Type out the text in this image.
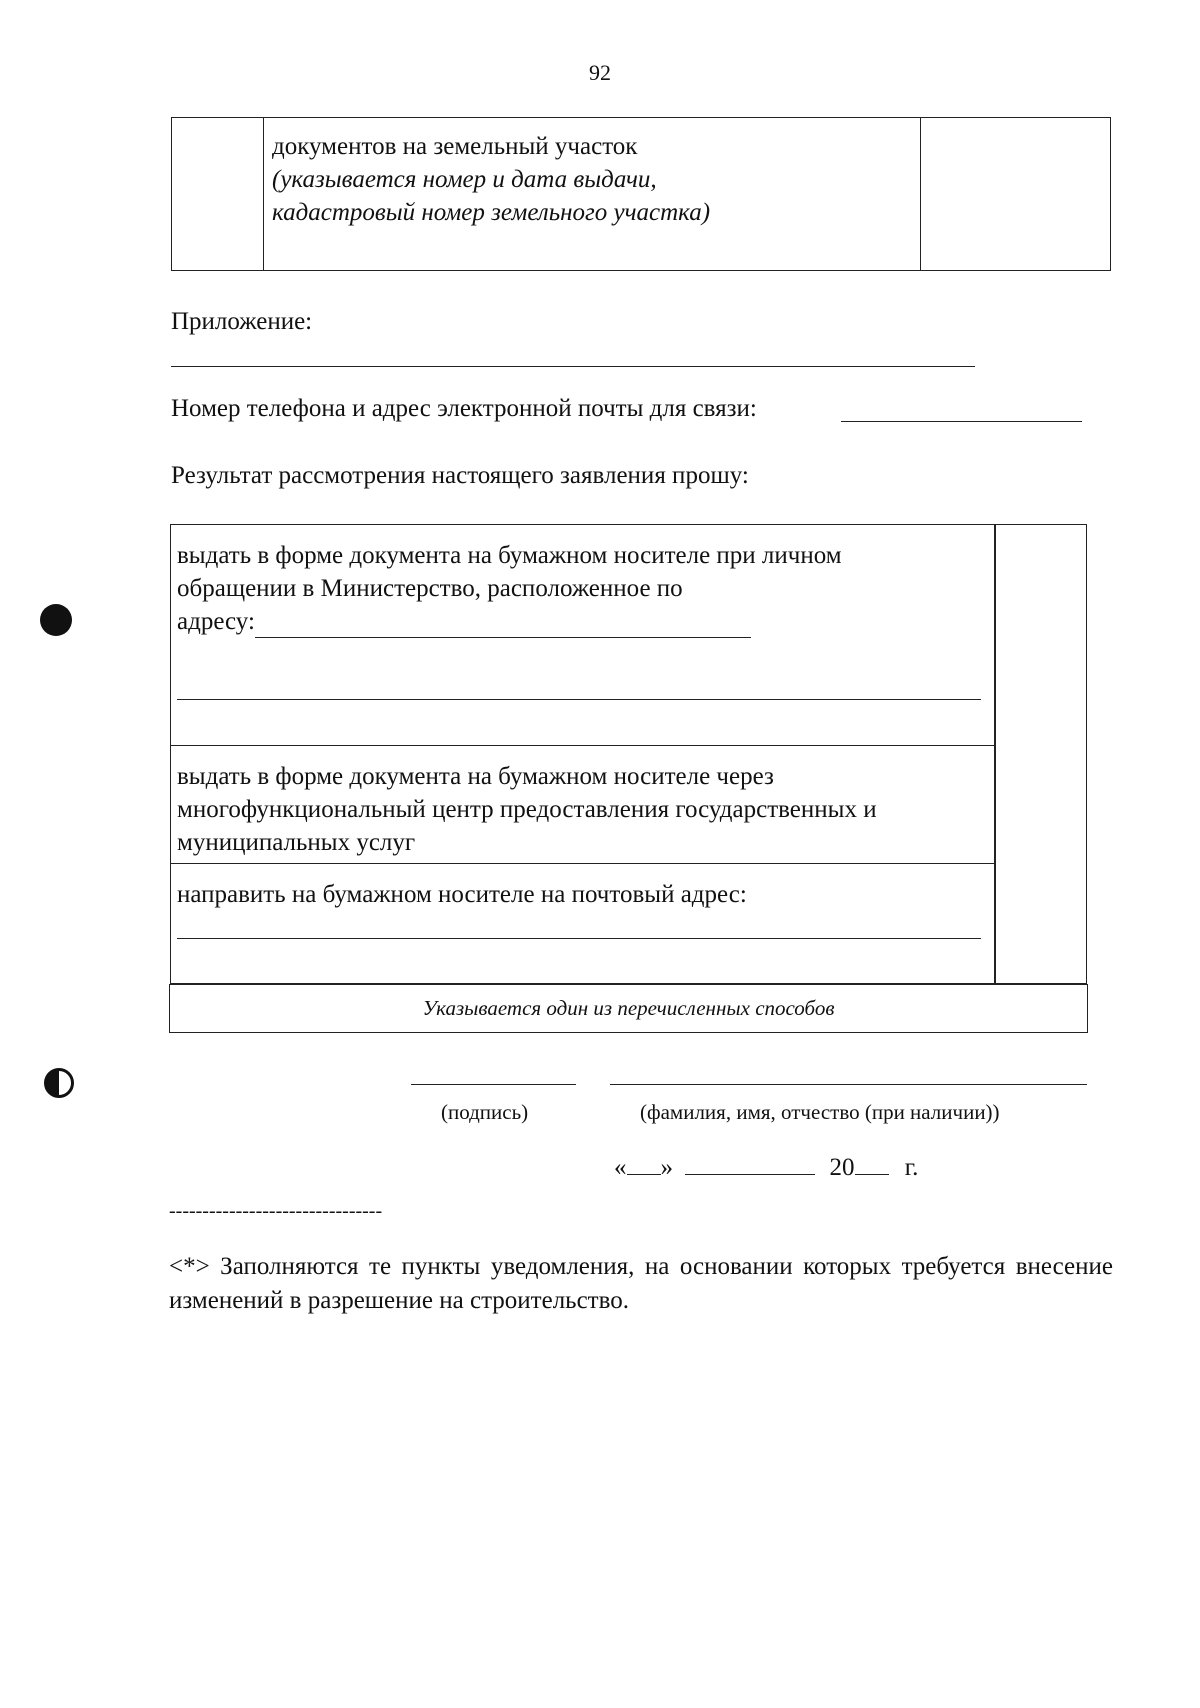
92
документов на земельный участок
(указывается номер и дата выдачи, кадастровый номер земельного участка)
Приложение:
Номер телефона и адрес электронной почты для связи:
Результат рассмотрения настоящего заявления прошу:
выдать в форме документа на бумажном носителе при личном обращении в Министерство, расположенное по
адресу:
выдать в форме документа на бумажном носителе через многофункциональный центр предоставления государственных и муниципальных услуг
направить на бумажном носителе на почтовый адрес:
Указывается один из перечисленных способов
(подпись)	(фамилия, имя, отчество (при наличии))
« »	20 г.
--------------------------------
<*> Заполняются те пункты уведомления, на основании которых требуется внесение изменений в разрешение на строительство.
